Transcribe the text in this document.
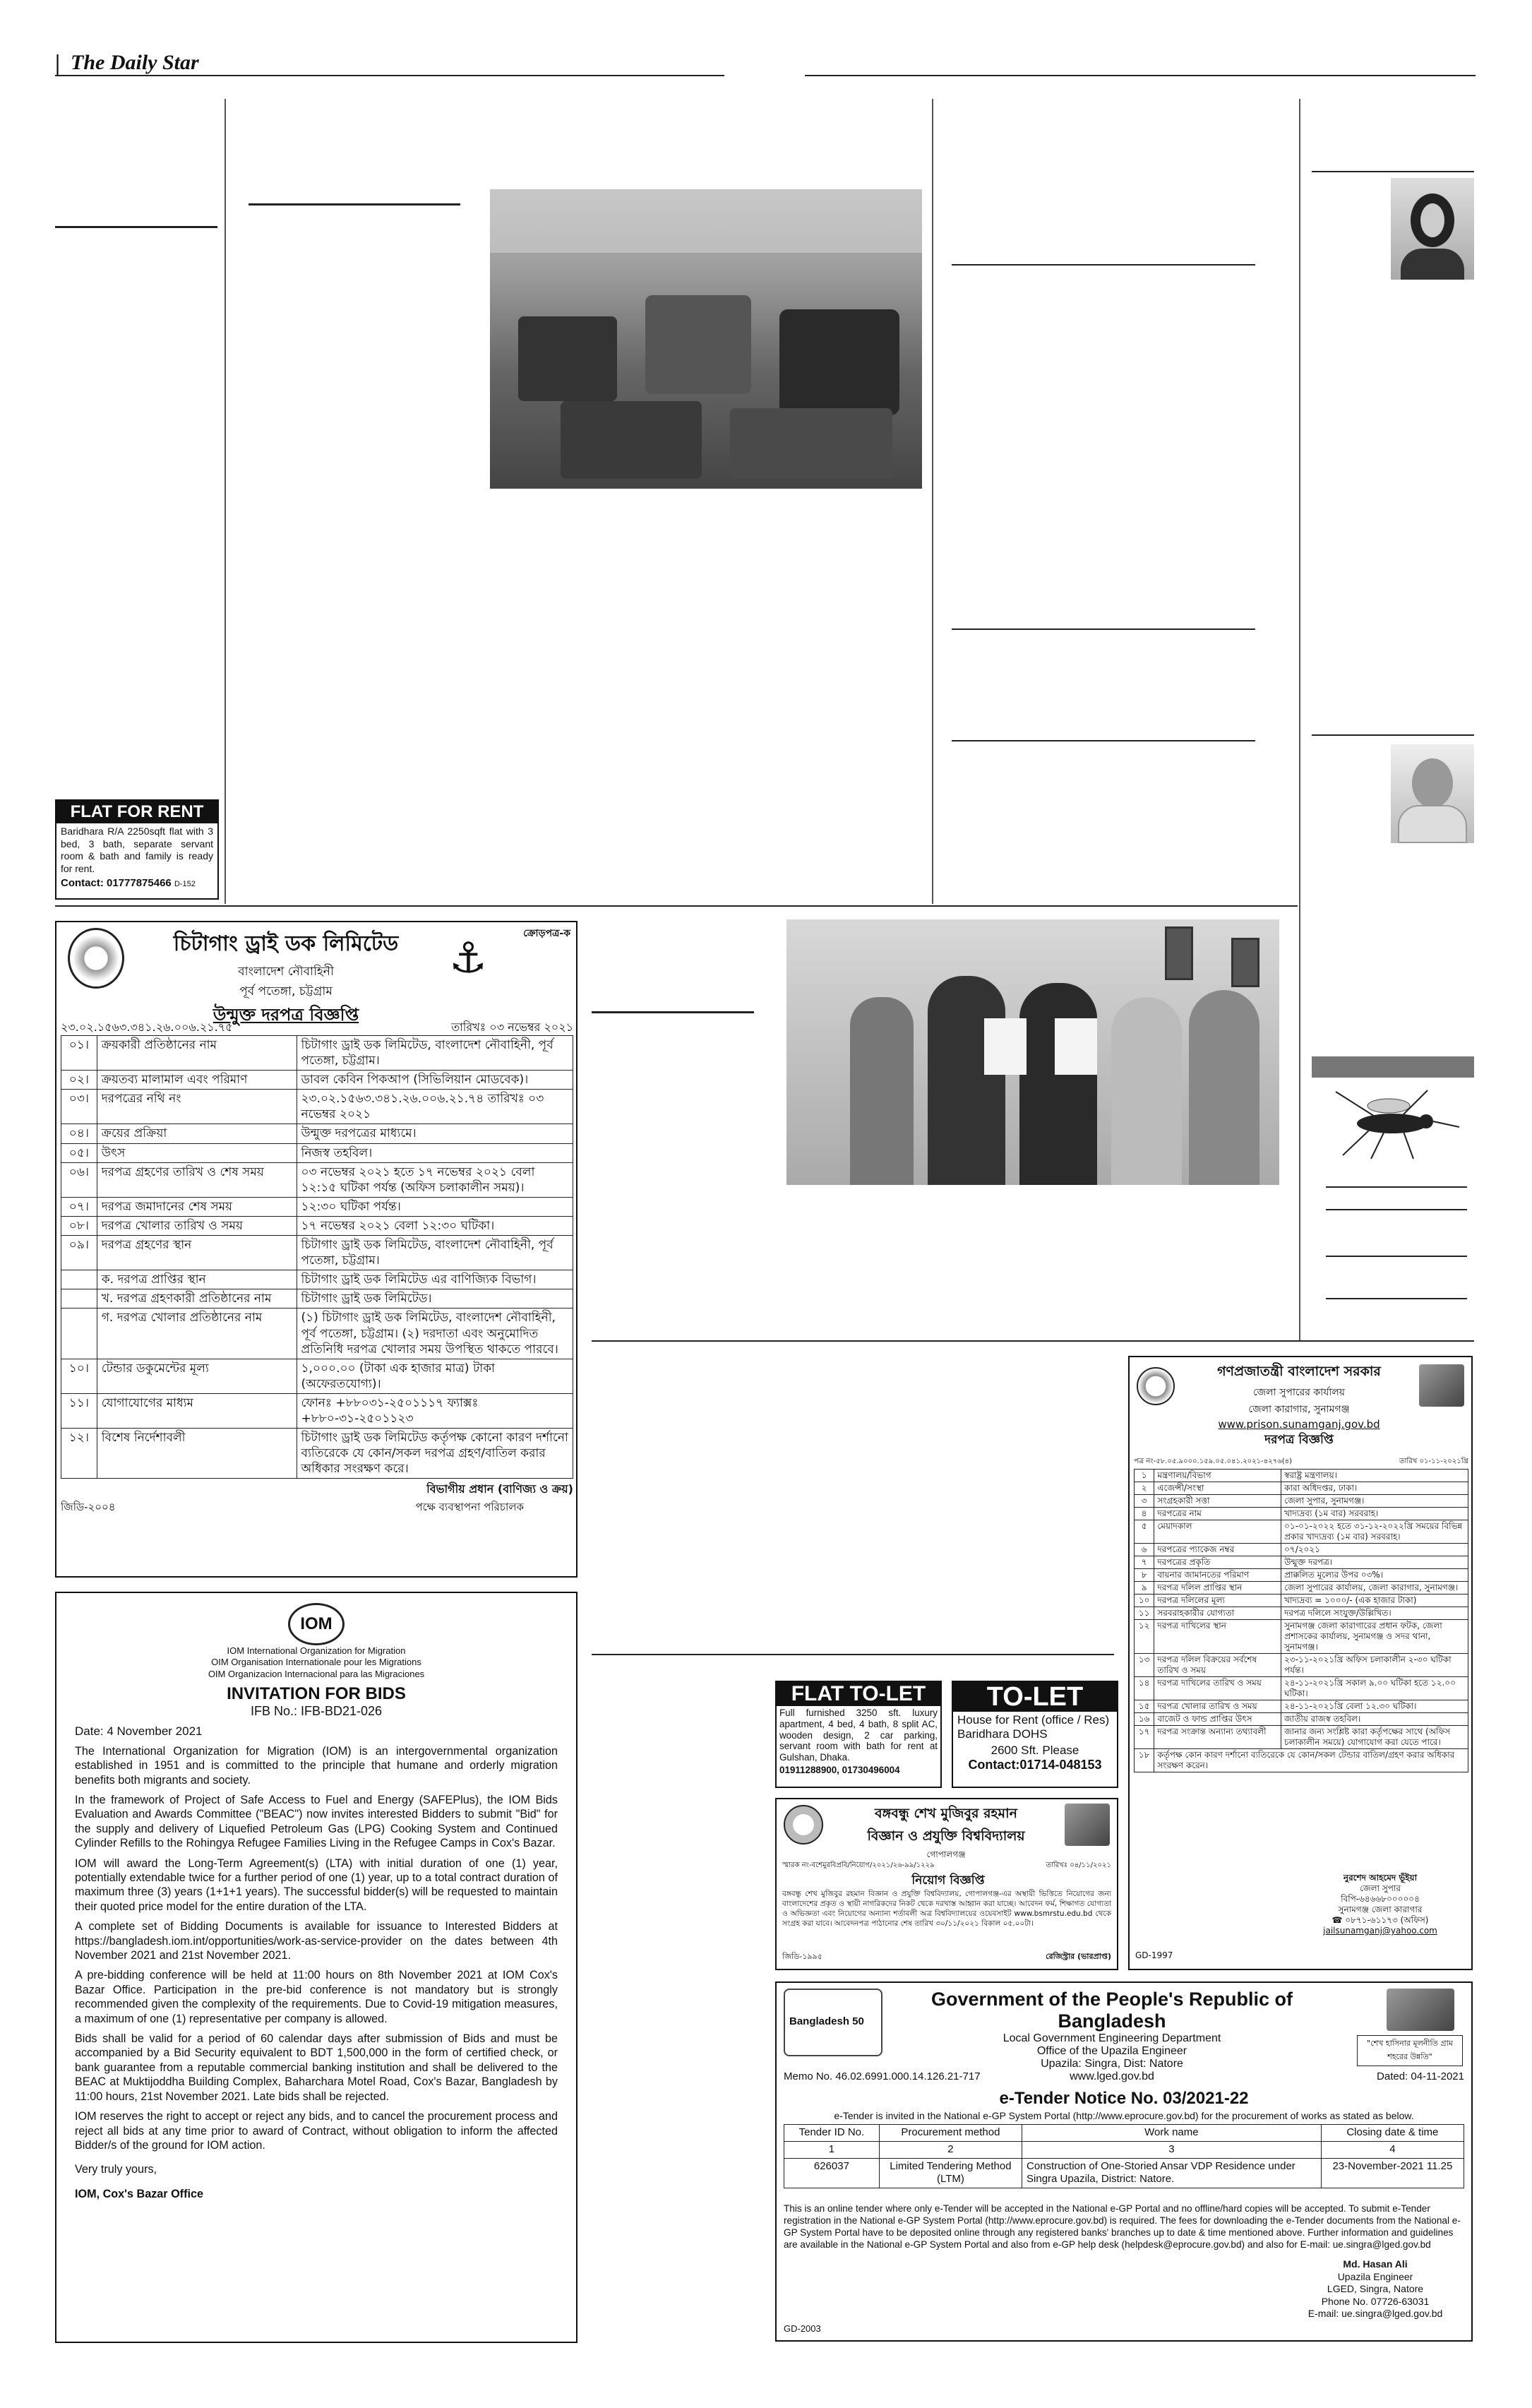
| The Daily Star
FLAT FOR RENT
Baridhara R/A 2250sqft flat with 3 bed, 3 bath, separate servant room & bath and family is ready for rent.
Contact: 01777875466 D-152
⚓	ক্রোড়পত্র-ক
চিটাগাং ড্রাই ডক লিমিটেড
বাংলাদেশ নৌবাহিনী
পূর্ব পতেঙ্গা, চট্টগ্রাম
উন্মুক্ত দরপত্র বিজ্ঞপ্তি
২৩.০২.১৫৬৩.৩৪১.২৬.০০৬.২১.৭৫	তারিখঃ ০৩ নভেম্বর ২০২১
০১।	ক্রয়কারী প্রতিষ্ঠানের নাম	চিটাগাং ড্রাই ডক লিমিটেড, বাংলাদেশ নৌবাহিনী, পূর্ব পতেঙ্গা, চট্টগ্রাম।
০২।	ক্রয়তব্য মালামাল এবং পরিমাণ	ডাবল কেবিন পিকআপ (সিভিলিয়ান মোডবেক)।
০৩।	দরপত্রের নথি নং	২৩.০২.১৫৬৩.৩৪১.২৬.০০৬.২১.৭৪ তারিখঃ ০৩ নভেম্বর ২০২১
০৪।	ক্রয়ের প্রক্রিয়া	উন্মুক্ত দরপত্রের মাধ্যমে।
০৫।	উৎস	নিজস্ব তহবিল।
০৬।	দরপত্র গ্রহণের তারিখ ও শেষ সময়	০৩ নভেম্বর ২০২১ হতে ১৭ নভেম্বর ২০২১ বেলা ১২:১৫ ঘটিকা পর্যন্ত (অফিস চলাকালীন সময়)।
০৭।	দরপত্র জমাদানের শেষ সময়	১২:৩০ ঘটিকা পর্যন্ত।
০৮।	দরপত্র খোলার তারিখ ও সময়	১৭ নভেম্বর ২০২১ বেলা ১২:৩০ ঘটিকা।
০৯।	দরপত্র গ্রহণের স্থান	চিটাগাং ড্রাই ডক লিমিটেড, বাংলাদেশ নৌবাহিনী, পূর্ব পতেঙ্গা, চট্টগ্রাম।
	ক. দরপত্র প্রাপ্তির স্থান	চিটাগাং ড্রাই ডক লিমিটেড এর বাণিজ্যিক বিভাগ।
	খ. দরপত্র গ্রহণকারী প্রতিষ্ঠানের নাম	চিটাগাং ড্রাই ডক লিমিটেড।
	গ. দরপত্র খোলার প্রতিষ্ঠানের নাম	(১) চিটাগাং ড্রাই ডক লিমিটেড, বাংলাদেশ নৌবাহিনী, পূর্ব পতেঙ্গা, চট্টগ্রাম। (২) দরদাতা এবং অনুমোদিত প্রতিনিধি দরপত্র খোলার সময় উপস্থিত থাকতে পারবে।
১০।	টেন্ডার ডকুমেন্টের মূল্য	১,০০০.০০ (টাকা এক হাজার মাত্র) টাকা (অফেরতযোগ্য)।
১১।	যোগাযোগের মাধ্যম	ফোনঃ +৮৮০৩১-২৫০১১১৭ ফ্যাক্সঃ +৮৮০-৩১-২৫০১১২৩
১২।	বিশেষ নির্দেশাবলী	চিটাগাং ড্রাই ডক লিমিটেড কর্তৃপক্ষ কোনো কারণ দর্শানো ব্যতিরেকে যে কোন/সকল দরপত্র গ্রহণ/বাতিল করার অধিকার সংরক্ষণ করে।
বিভাগীয় প্রধান (বাণিজ্য ও ক্রয়)
জিডি-২০০৪	পক্ষে ব্যবস্থাপনা পরিচালক
IOM
IOM International Organization for Migration
OIM Organisation Internationale pour les Migrations
OIM Organizacion Internacional para las Migraciones
INVITATION FOR BIDS
IFB No.: IFB-BD21-026
Date: 4 November 2021

The International Organization for Migration (IOM) is an intergovernmental organization established in 1951 and is committed to the principle that humane and orderly migration benefits both migrants and society.

In the framework of Project of Safe Access to Fuel and Energy (SAFEPlus), the IOM Bids Evaluation and Awards Committee ("BEAC") now invites interested Bidders to submit "Bid" for the supply and delivery of Liquefied Petroleum Gas (LPG) Cooking System and Continued Cylinder Refills to the Rohingya Refugee Families Living in the Refugee Camps in Cox's Bazar.

IOM will award the Long-Term Agreement(s) (LTA) with initial duration of one (1) year, potentially extendable twice for a further period of one (1) year, up to a total contract duration of maximum three (3) years (1+1+1 years). The successful bidder(s) will be requested to maintain their quoted price model for the entire duration of the LTA.

A complete set of Bidding Documents is available for issuance to Interested Bidders at https://bangladesh.iom.int/opportunities/work-as-service-provider on the dates between 4th November 2021 and 21st November 2021.

A pre-bidding conference will be held at 11:00 hours on 8th November 2021 at IOM Cox's Bazar Office. Participation in the pre-bid conference is not mandatory but is strongly recommended given the complexity of the requirements. Due to Covid-19 mitigation measures, a maximum of one (1) representative per company is allowed.

Bids shall be valid for a period of 60 calendar days after submission of Bids and must be accompanied by a Bid Security equivalent to BDT 1,500,000 in the form of certified check, or bank guarantee from a reputable commercial banking institution and shall be delivered to the BEAC at Muktijoddha Building Complex, Baharchara Motel Road, Cox's Bazar, Bangladesh by 11:00 hours, 21st November 2021. Late bids shall be rejected.

IOM reserves the right to accept or reject any bids, and to cancel the procurement process and reject all bids at any time prior to award of Contract, without obligation to inform the affected Bidder/s of the ground for IOM action.

Very truly yours,

IOM, Cox's Bazar Office

FLAT TO-LET
Full furnished 3250 sft. luxury apartment, 4 bed, 4 bath, 8 split AC, wooden design, 2 car parking, servant room with bath for rent at Gulshan, Dhaka.
01911288900, 01730496004
TO-LET
House for Rent (office / Res) Baridhara DOHS
2600 Sft. Please
Contact:01714-048153
বঙ্গবন্ধু শেখ মুজিবুর রহমান
বিজ্ঞান ও প্রযুক্তি বিশ্ববিদ্যালয়
গোপালগঞ্জ
স্মারক নং-বশেমুরবিপ্রবি/নিয়োগ/২০২১/২৬-৯৯/১২২৯	তারিখঃ ০৪/১১/২০২১
নিয়োগ বিজ্ঞপ্তি
বঙ্গবন্ধু শেখ মুজিবুর রহমান বিজ্ঞান ও প্রযুক্তি বিশ্ববিদ্যালয়, গোপালগঞ্জ-এর অস্থায়ী ভিত্তিতে নিয়োগের জন্য বাংলাদেশের প্রকৃত ও স্থায়ী নাগরিকদের নিকট থেকে দরখাস্ত আহ্বান করা যাচ্ছে। আবেদন ফর্ম, শিক্ষাগত যোগ্যতা ও অভিজ্ঞতা এবং নিয়োগের অন্যান্য শর্তাবলী অত্র বিশ্ববিদ্যালয়ের ওয়েবসাইট www.bsmrstu.edu.bd থেকে সংগ্রহ করা যাবে। আবেদনপত্র পাঠানোর শেষ তারিখ ৩০/১১/২০২১ বিকাল ০৫.০০টা।
জিডি-১৯৯৫	রেজিস্ট্রার (ভারপ্রাপ্ত)
গণপ্রজাতন্ত্রী বাংলাদেশ সরকার
জেলা সুপারের কার্যালয়
জেলা কারাগার, সুনামগঞ্জ
www.prison.sunamganj.gov.bd
দরপত্র বিজ্ঞপ্তি
পত্র নং-৫৮.০৫.৯০০০.১৫৯.০৫.০৪১.২০২১-৪২৭৬(৪)	তারিখ ০১-১১-২০২১খ্রি
১	মন্ত্রণালয়/বিভাগ	স্বরাষ্ট্র মন্ত্রণালয়।
২	এজেন্সী/সংস্থা	কারা অধিদপ্তর, ঢাকা।
৩	সংগ্রহকারী সত্তা	জেলা সুপার, সুনামগঞ্জ।
৪	দরপত্রের নাম	খাদ্যদ্রব্য (১ম বার) সরবরাহ।
৫	মেয়াদকাল	০১-০১-২০২২ হতে ৩১-১২-২০২২খ্রি সময়ের বিভিন্ন প্রকার খাদ্যদ্রব্য (১ম বার) সরবরাহ।
৬	দরপত্রের প্যাকেজ নম্বর	০৭/২০২১
৭	দরপত্রের প্রকৃতি	উন্মুক্ত দরপত্র।
৮	বায়নার জামানতের পরিমাণ	প্রাক্কলিত মূল্যের উপর ০৩%।
৯	দরপত্র দলিল প্রাপ্তির স্থান	জেলা সুপারের কার্যালয়, জেলা কারাগার, সুনামগঞ্জ।
১০	দরপত্র দলিলের মূল্য	খাদ্যদ্রব্য = ১০০০/- (এক হাজার টাকা)
১১	সরবরাহকারীর যোগ্যতা	দরপত্র দলিলে সংযুক্ত/উল্লিখিত।
১২	দরপত্র দাখিলের স্থান	সুনামগঞ্জ জেলা কারাগারের প্রধান ফটক, জেলা প্রশাসকের কার্যালয়, সুনামগঞ্জ ও সদর থানা, সুনামগঞ্জ।
১৩	দরপত্র দলিল বিক্রয়ের সর্বশেষ তারিখ ও সময়	২৩-১১-২০২১খ্রি অফিস চলাকালীন ২-৩০ ঘটিকা পর্যন্ত।
১৪	দরপত্র দাখিলের তারিখ ও সময়	২৪-১১-২০২১খ্রি সকাল ৯.০০ ঘটিকা হতে ১২.০০ ঘটিকা।
১৫	দরপত্র খোলার তারিখ ও সময়	২৪-১১-২০২১খ্রি বেলা ১২.৩০ ঘটিকা।
১৬	বাজেট ও ফান্ড প্রাপ্তির উৎস	জাতীয় রাজস্ব তহবিল।
১৭	দরপত্র সংক্রান্ত অন্যান্য তথ্যাবলী	জানার জন্য সংশ্লিষ্ট কারা কর্তৃপক্ষের সাথে (অফিস চলাকালীন সময়ে) যোগাযোগ করা যেতে পারে।
১৮	কর্তৃপক্ষ কোন কারণ দর্শানো ব্যতিরেকে যে কোন/সকল টেন্ডার বাতিল/গ্রহণ করার অধিকার সংরক্ষণ করেন।	
নুরশেদ আহমেদ ভূঁইয়া
জেলা সুপার
বিপি-৬৪৬৬৮০০০০০৪
সুনামগঞ্জ জেলা কারাগার
☎ ০৮৭১-৬১১৭৩ (অফিস)
jailsunamganj@yahoo.com
GD-1997
Bangladesh 50
Government of the People's Republic of Bangladesh
Local Government Engineering Department
Office of the Upazila Engineer
Upazila: Singra, Dist: Natore
www.lged.gov.bd
"শেখ হাসিনার মূলনীতি গ্রাম শহরের উন্নতি"
Memo No. 46.02.6991.000.14.126.21-717	Dated: 04-11-2021
e-Tender Notice No. 03/2021-22
e-Tender is invited in the National e-GP System Portal (http://www.eprocure.gov.bd) for the procurement of works as stated as below.
Tender ID No.	Procurement method	Work name	Closing date & time
1	2	3	4
626037	Limited Tendering Method (LTM)	Construction of One-Storied Ansar VDP Residence under Singra Upazila, District: Natore.	23-November-2021 11.25
This is an online tender where only e-Tender will be accepted in the National e-GP Portal and no offline/hard copies will be accepted. To submit e-Tender registration in the National e-GP System Portal (http://www.eprocure.gov.bd) is required. The fees for downloading the e-Tender documents from the National e-GP System Portal have to be deposited online through any registered banks' branches up to date & time mentioned above. Further information and guidelines are available in the National e-GP System Portal and also from e-GP help desk (helpdesk@eprocure.gov.bd) and also for E-mail: ue.singra@lged.gov.bd
Md. Hasan Ali
Upazila Engineer
LGED, Singra, Natore
Phone No. 07726-63031
E-mail: ue.singra@lged.gov.bd
GD-2003
